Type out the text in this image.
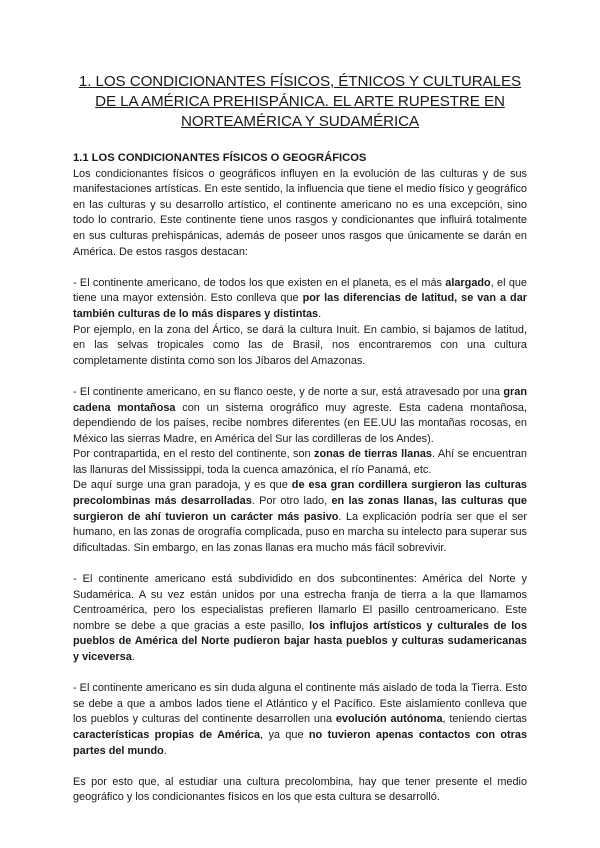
1. LOS CONDICIONANTES FÍSICOS, ÉTNICOS Y CULTURALES DE LA AMÉRICA PREHISPÁNICA. EL ARTE RUPESTRE EN NORTEAMÉRICA Y SUDAMÉRICA
1.1 LOS CONDICIONANTES FÍSICOS O GEOGRÁFICOS

Los condicionantes físicos o geográficos influyen en la evolución de las culturas y de sus manifestaciones artísticas. En este sentido, la influencia que tiene el medio físico y geográfico en las culturas y su desarrollo artístico, el continente americano no es una excepción, sino todo lo contrario. Este continente tiene unos rasgos y condicionantes que influirá totalmente en sus culturas prehispánicas, además de poseer unos rasgos que únicamente se darán en América. De estos rasgos destacan:

- El continente americano, de todos los que existen en el planeta, es el más alargado, el que tiene una mayor extensión. Esto conlleva que por las diferencias de latitud, se van a dar también culturas de lo más dispares y distintas.

Por ejemplo, en la zona del Ártico, se dará la cultura Inuit. En cambio, si bajamos de latitud, en las selvas tropicales como las de Brasil, nos encontraremos con una cultura completamente distinta como son los Jíbaros del Amazonas.

- El continente americano, en su flanco oeste, y de norte a sur, está atravesado por una gran cadena montañosa con un sistema orográfico muy agreste. Esta cadena montañosa, dependiendo de los países, recibe nombres diferentes (en EE.UU las montañas rocosas, en México las sierras Madre, en América del Sur las cordilleras de los Andes).

Por contrapartida, en el resto del continente, son zonas de tierras llanas. Ahí se encuentran las llanuras del Mississippi, toda la cuenca amazónica, el río Panamá, etc.

De aquí surge una gran paradoja, y es que de esa gran cordillera surgieron las culturas precolombinas más desarrolladas. Por otro lado, en las zonas llanas, las culturas que surgieron de ahí tuvieron un carácter más pasivo. La explicación podría ser que el ser humano, en las zonas de orografía complicada, puso en marcha su intelecto para superar sus dificultadas. Sin embargo, en las zonas llanas era mucho más fácil sobrevivir.

- El continente americano está subdividido en dos subcontinentes: América del Norte y Sudamérica. A su vez están unidos por una estrecha franja de tierra a la que llamamos Centroamérica, pero los especialistas prefieren llamarlo El pasillo centroamericano. Este nombre se debe a que gracias a este pasillo, los influjos artísticos y culturales de los pueblos de América del Norte pudieron bajar hasta pueblos y culturas sudamericanas y viceversa.

- El continente americano es sin duda alguna el continente más aislado de toda la Tierra. Esto se debe a que a ambos lados tiene el Atlántico y el Pacífico. Este aislamiento conlleva que los pueblos y culturas del continente desarrollen una evolución autónoma, teniendo ciertas características propias de América, ya que no tuvieron apenas contactos con otras partes del mundo.

Es por esto que, al estudiar una cultura precolombina, hay que tener presente el medio geográfico y los condicionantes físicos en los que esta cultura se desarrolló.
